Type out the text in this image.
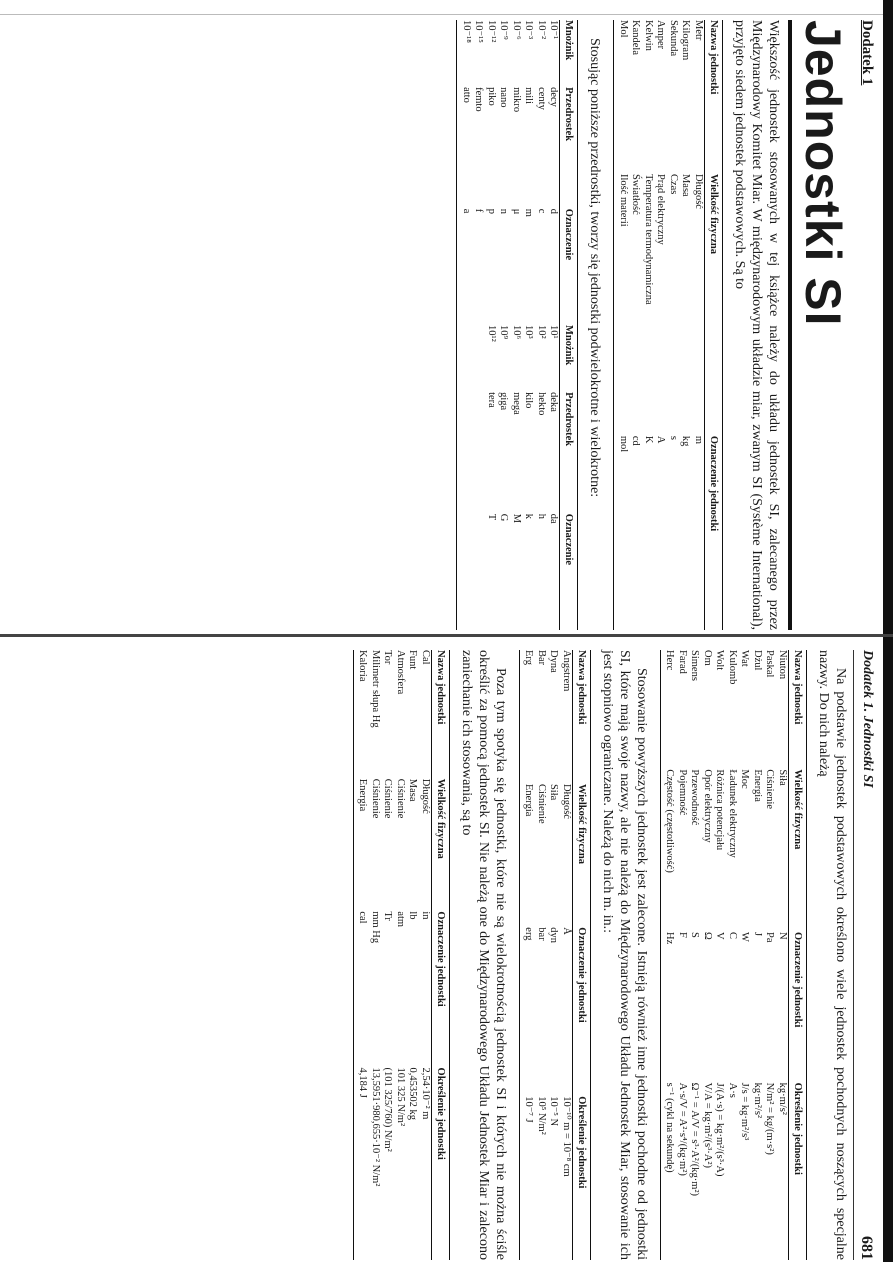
Dodatek 1
Jednostki SI

Większość jednostek stosowanych w tej książce należy do układu jednostek SI, zalecanego przez Międzynarodowy Komitet Miar. W międzynarodowym układzie miar, zwanym SI (Système International), przyjęto siedem jednostek podstawowych. Są to

Nazwa jednostki	Wielkość fizyczna	Oznaczenie jednostki
Metr	Długość	m
Kilogram	Masa	kg
Sekunda	Czas	s
Amper	Prąd elektryczny	A
Kelwin	Temperatura termodynamiczna	K
Kandela	Światłość	cd
Mol	Ilość materii	mol

Stosując poniższe przedrostki, tworzy się jednostki podwielokrotne i wielokrotne:

Mnożnik	Przedrostek	Oznaczenie	Mnożnik	Przedrostek	Oznaczenie
10⁻¹	decy	d	10¹	deka	da
10⁻²	centy	c	10²	hekto	h
10⁻³	mili	m	10³	kilo	k
10⁻⁶	mikro	μ	10⁶	mega	M
10⁻⁹	nano	n	10⁹	giga	G
10⁻¹²	piko	p	10¹²	tera	T
10⁻¹⁵	femto	f			
10⁻¹⁸	atto	a			
Dodatek 1. Jednostki SI
681

Na podstawie jednostek podstawowych określono wiele jednostek pochodnych noszących specjalne nazwy. Do nich należą

Nazwa jednostki	Wielkość fizyczna	Oznaczenie jednostki	Określenie jednostki
Niuton	Siła	N	kg·m/s²
Paskal	Ciśnienie	Pa	N/m² = kg/(m·s²)
Dżul	Energia	J	kg·m²/s²
Wat	Moc	W	J/s = kg·m²/s³
Kulomb	Ładunek elektryczny	C	A·s
Wolt	Różnica potencjału	V	J/(A·s) = kg·m²/(s³·A)
Om	Opór elektryczny	Ω	V/A = kg·m²/(s³·A²)
Simens	Przewodność	S	Ω⁻¹ = A/V = s³·A²/(kg·m²)
Farad	Pojemność	F	A·s/V = A²·s⁴/(kg·m²)
Herc	Częstość (częstotliwość)	Hz	s⁻¹ (cykl na sekundę)

Stosowanie powyższych jednostek jest zalecone. Istnieją również inne jednostki pochodne od jednostki SI, które mają swoje nazwy, ale nie należą do Międzynarodowego Układu Jednostek Miar, stosowanie ich jest stopniowo ograniczane. Należą do nich m. in.:

Nazwa jednostki	Wielkość fizyczna	Oznaczenie jednostki	Określenie jednostki
Angstrem	Długość	Å	10⁻¹⁰ m = 10⁻⁸ cm
Dyna	Siła	dyn	10⁻⁵ N
Bar	Ciśnienie	bar	10⁵ N/m²
Erg	Energia	erg	10⁻⁷ J

Poza tym spotyka się jednostki, które nie są wielokrotnością jednostek SI i których nie można ściśle określić za pomocą jednostek SI. Nie należą one do Międzynarodowego Układu Jednostek Miar i zalecono zaniechanie ich stosowania, są to

Nazwa jednostki	Wielkość fizyczna	Oznaczenie jednostki	Określenie jednostki
Cal	Długość	in	2,54·10⁻² m
Funt	Masa	lb	0,453502 kg
Atmosfera	Ciśnienie	atm	101 325 N/m²
Tor	Ciśnienie	Tr	(101 325/760) N/m²
Milimetr słupa Hg	Ciśnienie	mm Hg	13,5951·980,655·10⁻² N/m²
Kaloria	Energia	cal	4,184 J
